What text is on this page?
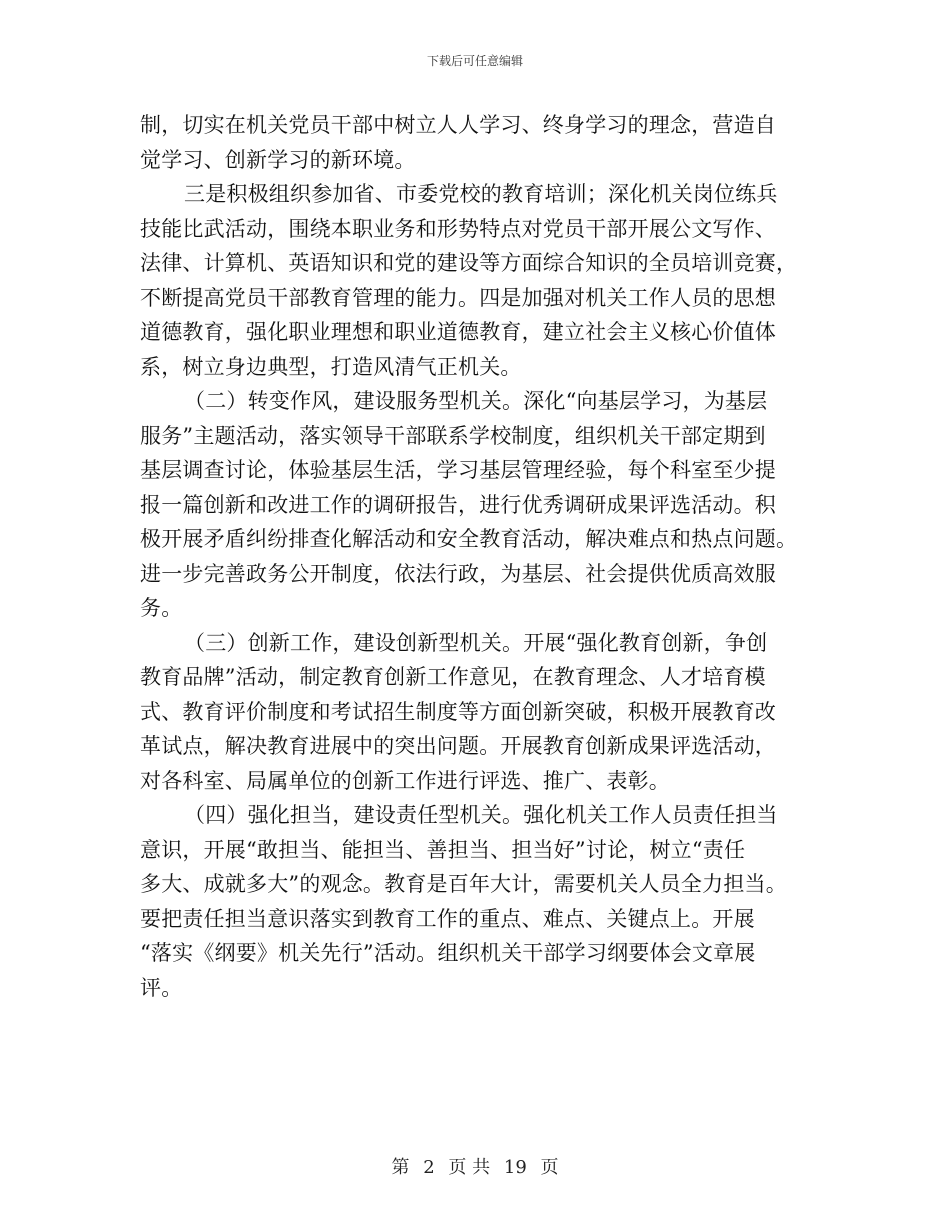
下载后可任意编辑

制，切实在机关党员干部中树立人人学习、终身学习的理念，营造自
觉学习、创新学习的新环境。

三是积极组织参加省、市委党校的教育培训；深化机关岗位练兵
技能比武活动，围绕本职业务和形势特点对党员干部开展公文写作、
法律、计算机、英语知识和党的建设等方面综合知识的全员培训竞赛，
不断提高党员干部教育管理的能力。四是加强对机关工作人员的思想
道德教育，强化职业理想和职业道德教育，建立社会主义核心价值体
系，树立身边典型，打造风清气正机关。

（二）转变作风，建设服务型机关。深化“向基层学习，为基层
服务”主题活动，落实领导干部联系学校制度，组织机关干部定期到
基层调查讨论，体验基层生活，学习基层管理经验，每个科室至少提
报一篇创新和改进工作的调研报告，进行优秀调研成果评选活动。积
极开展矛盾纠纷排查化解活动和安全教育活动，解决难点和热点问题。
进一步完善政务公开制度，依法行政，为基层、社会提供优质高效服
务。

（三）创新工作，建设创新型机关。开展“强化教育创新，争创
教育品牌”活动，制定教育创新工作意见，在教育理念、人才培育模
式、教育评价制度和考试招生制度等方面创新突破，积极开展教育改
革试点，解决教育进展中的突出问题。开展教育创新成果评选活动，
对各科室、局属单位的创新工作进行评选、推广、表彰。

（四）强化担当，建设责任型机关。强化机关工作人员责任担当
意识，开展“敢担当、能担当、善担当、担当好”讨论，树立“责任
多大、成就多大”的观念。教育是百年大计，需要机关人员全力担当。
要把责任担当意识落实到教育工作的重点、难点、关键点上。开展
“落实《纲要》机关先行”活动。组织机关干部学习纲要体会文章展
评。

第 2 页 共 19 页
